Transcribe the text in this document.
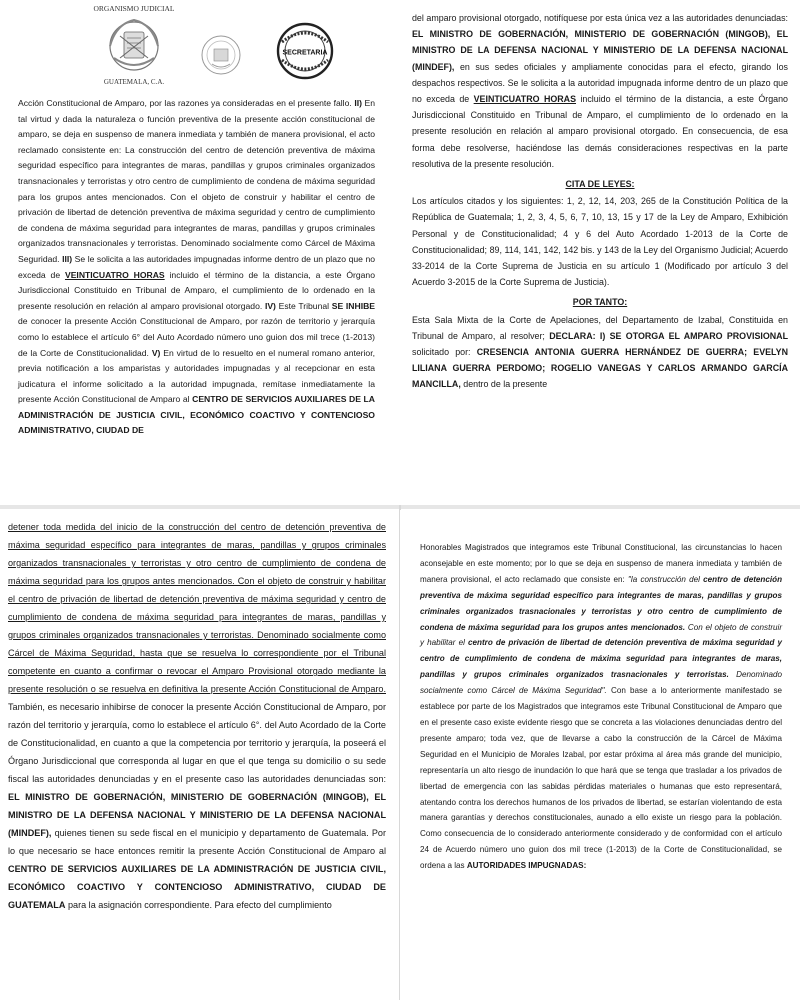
ORGANISMO JUDICIAL
GUATEMALA, C.A.
SECRETARIA

Acción Constitucional de Amparo, por las razones ya consideradas en el presente fallo. II) En tal virtud y dada la naturaleza o función preventiva de la presente acción constitucional de amparo, se deja en suspenso de manera inmediata y también de manera provisional, el acto reclamado consistente en: La construcción del centro de detención preventiva de máxima seguridad específico para integrantes de maras, pandillas y grupos criminales organizados transnacionales y terroristas y otro centro de cumplimiento de condena de máxima seguridad para los grupos antes mencionados. Con el objeto de construir y habilitar el centro de privación de libertad de detención preventiva de máxima seguridad y centro de cumplimiento de condena de máxima seguridad para integrantes de maras, pandillas y grupos criminales organizados transnacionales y terroristas. Denominado socialmente como Cárcel de Máxima Seguridad. III) Se le solicita a las autoridades impugnadas informe dentro de un plazo que no exceda de VEINTICUATRO HORAS incluido el término de la distancia, a este Órgano Jurisdiccional Constituido en Tribunal de Amparo, el cumplimiento de lo ordenado en la presente resolución en relación al amparo provisional otorgado. IV) Este Tribunal SE INHIBE de conocer la presente Acción Constitucional de Amparo, por razón de territorio y jerarquía como lo establece el artículo 6° del Auto Acordado número uno guion dos mil trece (1-2013) de la Corte de Constitucionalidad. V) En virtud de lo resuelto en el numeral romano anterior, previa notificación a los amparistas y autoridades impugnadas y al recepcionar en esta judicatura el informe solicitado a la autoridad impugnada, remítase inmediatamente la presente Acción Constitucional de Amparo al CENTRO DE SERVICIOS AUXILIARES DE LA ADMINISTRACIÓN DE JUSTICIA CIVIL, ECONÓMICO COACTIVO Y CONTENCIOSO ADMINISTRATIVO, CIUDAD DE

del amparo provisional otorgado, notifíquese por esta única vez a las autoridades denunciadas: EL MINISTRO DE GOBERNACIÓN, MINISTERIO DE GOBERNACIÓN (MINGOB), EL MINISTRO DE LA DEFENSA NACIONAL Y MINISTERIO DE LA DEFENSA NACIONAL (MINDEF), en sus sedes oficiales y ampliamente conocidas para el efecto, girando los despachos respectivos. Se le solicita a la autoridad impugnada informe dentro de un plazo que no exceda de VEINTICUATRO HORAS incluido el término de la distancia, a este Órgano Jurisdiccional Constituido en Tribunal de Amparo, el cumplimiento de lo ordenado en la presente resolución en relación al amparo provisional otorgado. En consecuencia, de esa forma debe resolverse, haciéndose las demás consideraciones respectivas en la parte resolutiva de la presente resolución.

CITA DE LEYES:

Los artículos citados y los siguientes: 1, 2, 12, 14, 203, 265 de la Constitución Política de la República de Guatemala; 1, 2, 3, 4, 5, 6, 7, 10, 13, 15 y 17 de la Ley de Amparo, Exhibición Personal y de Constitucionalidad; 4 y 6 del Auto Acordado 1-2013 de la Corte de Constitucionalidad; 89, 114, 141, 142, 142 bis. y 143 de la Ley del Organismo Judicial; Acuerdo 33-2014 de la Corte Suprema de Justicia en su artículo 1 (Modificado por artículo 3 del Acuerdo 3-2015 de la Corte Suprema de Justicia).

POR TANTO:

Esta Sala Mixta de la Corte de Apelaciones, del Departamento de Izabal, Constituida en Tribunal de Amparo, al resolver; DECLARA: I) SE OTORGA EL AMPARO PROVISIONAL solicitado por: CRESENCIA ANTONIA GUERRA HERNÁNDEZ DE GUERRA; EVELYN LILIANA GUERRA PERDOMO; ROGELIO VANEGAS Y CARLOS ARMANDO GARCÍA MANCILLA, dentro de la presente

detener toda medida del inicio de la construcción del centro de detención preventiva de máxima seguridad específico para integrantes de maras, pandillas y grupos criminales organizados transnacionales y terroristas y otro centro de cumplimiento de condena de máxima seguridad para los grupos antes mencionados. Con el objeto de construir y habilitar el centro de privación de libertad de detención preventiva de máxima seguridad y centro de cumplimiento de condena de máxima seguridad para integrantes de maras, pandillas y grupos criminales organizados transnacionales y terroristas. Denominado socialmente como Cárcel de Máxima Seguridad, hasta que se resuelva lo correspondiente por el Tribunal competente en cuanto a confirmar o revocar el Amparo Provisional otorgado mediante la presente resolución o se resuelva en definitiva la presente Acción Constitucional de Amparo. También, es necesario inhibirse de conocer la presente Acción Constitucional de Amparo, por razón del territorio y jerarquía, como lo establece el artículo 6°. del Auto Acordado de la Corte de Constitucionalidad, en cuanto a que la competencia por territorio y jerarquía, la poseerá el Órgano Jurisdiccional que corresponda al lugar en que el que tenga su domicilio o su sede fiscal las autoridades denunciadas y en el presente caso las autoridades denunciadas son: EL MINISTRO DE GOBERNACIÓN, MINISTERIO DE GOBERNACIÓN (MINGOB), EL MINISTRO DE LA DEFENSA NACIONAL Y MINISTERIO DE LA DEFENSA NACIONAL (MINDEF), quienes tienen su sede fiscal en el municipio y departamento de Guatemala. Por lo que necesario se hace entonces remitir la presente Acción Constitucional de Amparo al CENTRO DE SERVICIOS AUXILIARES DE LA ADMINISTRACIÓN DE JUSTICIA CIVIL, ECONÓMICO COACTIVO Y CONTENCIOSO ADMINISTRATIVO, CIUDAD DE GUATEMALA para la asignación correspondiente. Para efecto del cumplimiento

Honorables Magistrados que integramos este Tribunal Constitucional, las circunstancias lo hacen aconsejable en este momento; por lo que se deja en suspenso de manera inmediata y también de manera provisional, el acto reclamado que consiste en: "la construcción del centro de detención preventiva de máxima seguridad específico para integrantes de maras, pandillas y grupos criminales organizados trasnacionales y terroristas y otro centro de cumplimiento de condena de máxima seguridad para los grupos antes mencionados. Con el objeto de construir y habilitar el centro de privación de libertad de detención preventiva de máxima seguridad y centro de cumplimiento de condena de máxima seguridad para integrantes de maras, pandillas y grupos criminales organizados trasnacionales y terroristas. Denominado socialmente como Cárcel de Máxima Seguridad". Con base a lo anteriormente manifestado se establece por parte de los Magistrados que integramos este Tribunal Constitucional de Amparo que en el presente caso existe evidente riesgo que se concreta a las violaciones denunciadas dentro del presente amparo; toda vez, que de llevarse a cabo la construcción de la Cárcel de Máxima Seguridad en el Municipio de Morales Izabal, por estar próxima al área más grande del municipio, representaría un alto riesgo de inundación lo que hará que se tenga que trasladar a los privados de libertad de emergencia con las sabidas pérdidas materiales o humanas que esto representará, atentando contra los derechos humanos de los privados de libertad, se estarían violentando de esta manera garantías y derechos constitucionales, aunado a ello existe un riesgo para la población. Como consecuencia de lo considerado anteriormente considerado y de conformidad con el artículo 24 de Acuerdo número uno guion dos mil trece (1-2013) de la Corte de Constitucionalidad, se ordena a las AUTORIDADES IMPUGNADAS:
